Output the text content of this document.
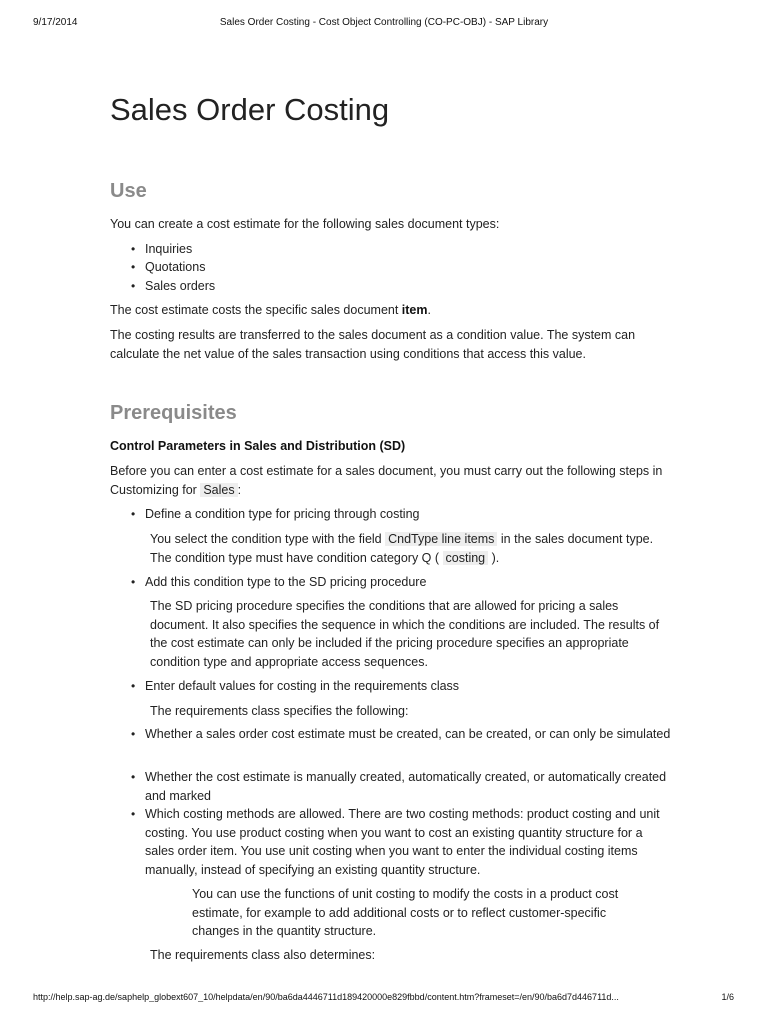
9/17/2014	Sales Order Costing - Cost Object Controlling (CO-PC-OBJ) - SAP Library
Sales Order Costing
Use
You can create a cost estimate for the following sales document types:
• Inquiries
• Quotations
• Sales orders
The cost estimate costs the specific sales document item.
The costing results are transferred to the sales document as a condition value. The system can calculate the net value of the sales transaction using conditions that access this value.
Prerequisites
Control Parameters in Sales and Distribution (SD)
Before you can enter a cost estimate for a sales document, you must carry out the following steps in Customizing for Sales :
• Define a condition type for pricing through costing
You select the condition type with the field CndType line items in the sales document type. The condition type must have condition category Q ( costing ).
• Add this condition type to the SD pricing procedure
The SD pricing procedure specifies the conditions that are allowed for pricing a sales document. It also specifies the sequence in which the conditions are included. The results of the cost estimate can only be included if the pricing procedure specifies an appropriate condition type and appropriate access sequences.
• Enter default values for costing in the requirements class
The requirements class specifies the following:
• Whether a sales order cost estimate must be created, can be created, or can only be simulated
• Whether the cost estimate is manually created, automatically created, or automatically created and marked
• Which costing methods are allowed. There are two costing methods: product costing and unit costing. You use product costing when you want to cost an existing quantity structure for a sales order item. You use unit costing when you want to enter the individual costing items manually, instead of specifying an existing quantity structure.
You can use the functions of unit costing to modify the costs in a product cost estimate, for example to add additional costs or to reflect customer-specific changes in the quantity structure.
The requirements class also determines:
http://help.sap-ag.de/saphelp_globext607_10/helpdata/en/90/ba6da4446711d189420000e829fbbd/content.htm?frameset=/en/90/ba6d7d446711d...	1/6
